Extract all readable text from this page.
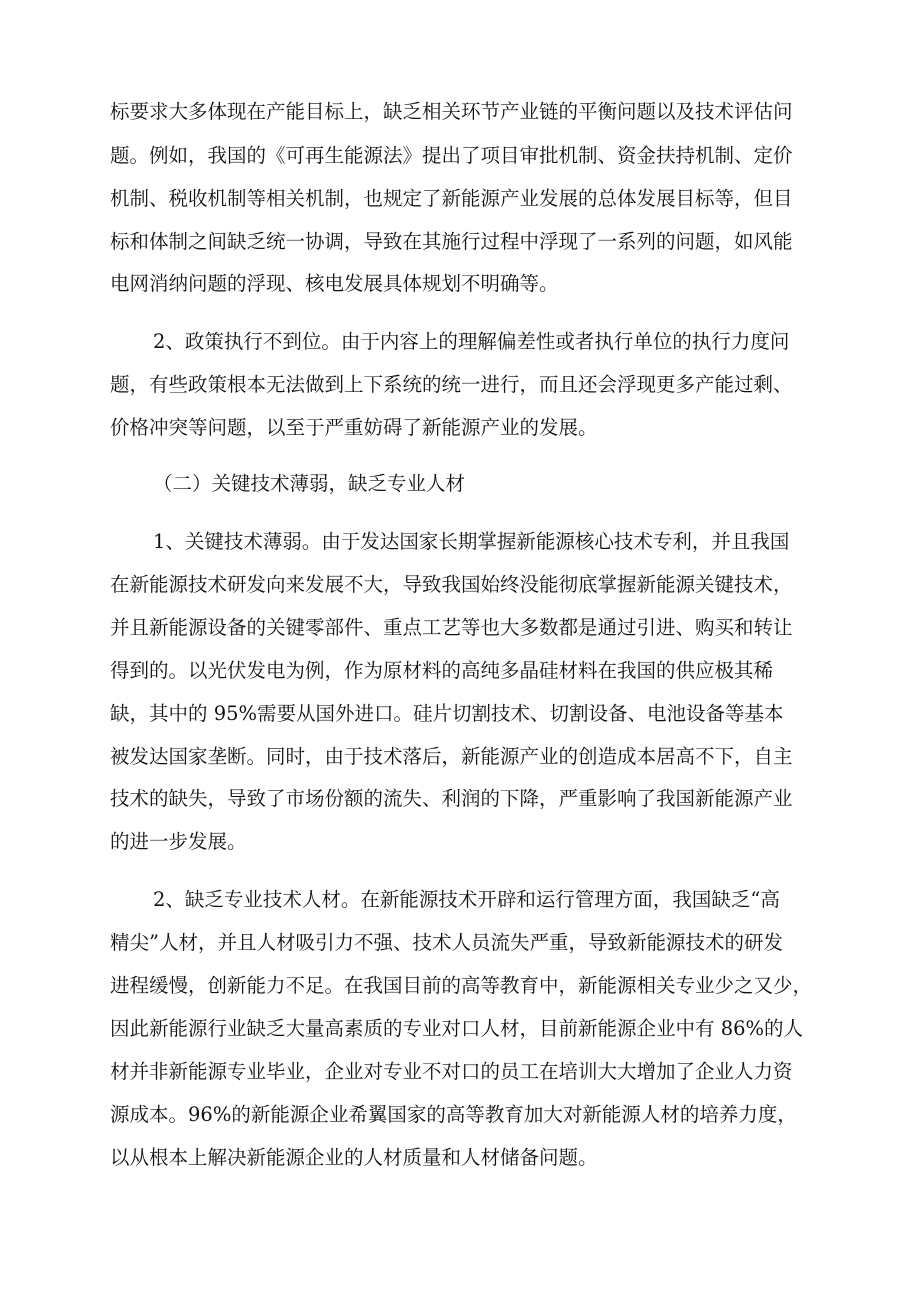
标要求大多体现在产能目标上，缺乏相关环节产业链的平衡问题以及技术评估问

题。例如，我国的《可再生能源法》提出了项目审批机制、资金扶持机制、定价

机制、税收机制等相关机制，也规定了新能源产业发展的总体发展目标等，但目

标和体制之间缺乏统一协调，导致在其施行过程中浮现了一系列的问题，如风能

电网消纳问题的浮现、核电发展具体规划不明确等。

2、政策执行不到位。由于内容上的理解偏差性或者执行单位的执行力度问

题，有些政策根本无法做到上下系统的统一进行，而且还会浮现更多产能过剩、

价格冲突等问题，以至于严重妨碍了新能源产业的发展。

（二）关键技术薄弱，缺乏专业人材

1、关键技术薄弱。由于发达国家长期掌握新能源核心技术专利，并且我国

在新能源技术研发向来发展不大，导致我国始终没能彻底掌握新能源关键技术，

并且新能源设备的关键零部件、重点工艺等也大多数都是通过引进、购买和转让

得到的。以光伏发电为例，作为原材料的高纯多晶硅材料在我国的供应极其稀

缺，其中的 95%需要从国外进口。硅片切割技术、切割设备、电池设备等基本

被发达国家垄断。同时，由于技术落后，新能源产业的创造成本居高不下，自主

技术的缺失，导致了市场份额的流失、利润的下降，严重影响了我国新能源产业

的进一步发展。

2、缺乏专业技术人材。在新能源技术开辟和运行管理方面，我国缺乏“高

精尖”人材，并且人材吸引力不强、技术人员流失严重，导致新能源技术的研发

进程缓慢，创新能力不足。在我国目前的高等教育中，新能源相关专业少之又少，

因此新能源行业缺乏大量高素质的专业对口人材，目前新能源企业中有 86%的人

材并非新能源专业毕业，企业对专业不对口的员工在培训大大增加了企业人力资

源成本。96%的新能源企业希翼国家的高等教育加大对新能源人材的培养力度，

以从根本上解决新能源企业的人材质量和人材储备问题。
